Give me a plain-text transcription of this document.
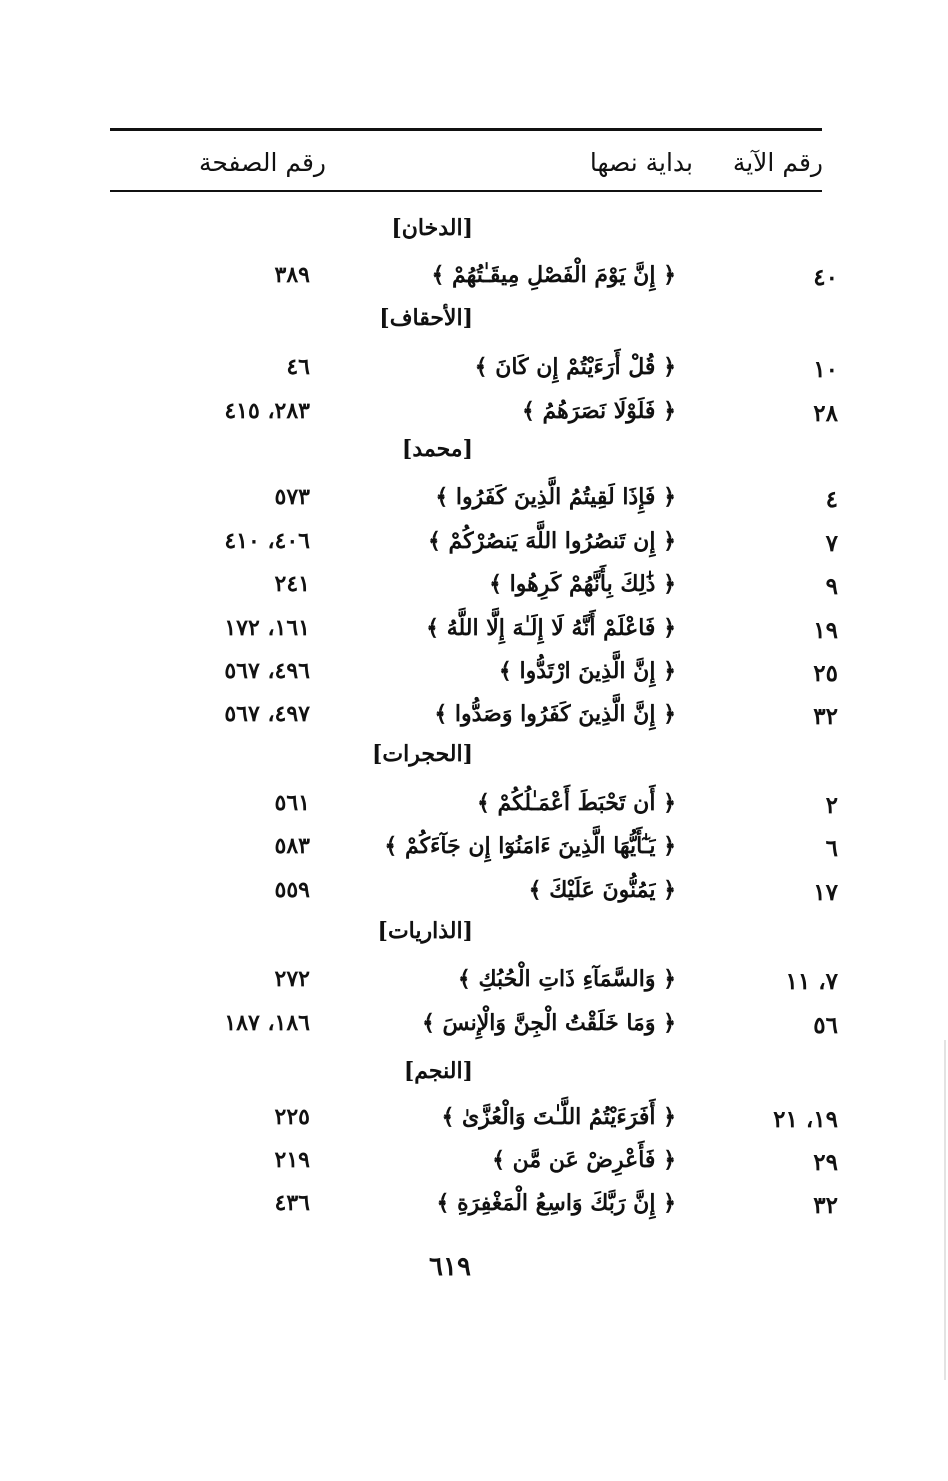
رقم الآية
بداية نصها
رقم الصفحة
[الدخان]
٤٠
﴿ إِنَّ يَوْمَ الْفَصْلِ مِيقَـٰتُهُمْ ﴾
٣٨٩
[الأحقاف]
١٠
﴿ قُلْ أَرَءَيْتُمْ إِن كَانَ ﴾
٤٦
٢٨
﴿ فَلَوْلَا نَصَرَهُمُ ﴾
٢٨٣، ٤١٥
[محمد]
٤
﴿ فَإِذَا لَقِيتُمُ الَّذِينَ كَفَرُوا ﴾
٥٧٣
٧
﴿ إِن تَنصُرُوا اللَّهَ يَنصُرْكُمْ ﴾
٤٠٦، ٤١٠
٩
﴿ ذَٰلِكَ بِأَنَّهُمْ كَرِهُوا ﴾
٢٤١
١٩
﴿ فَاعْلَمْ أَنَّهُ لَا إِلَـٰهَ إِلَّا اللَّهُ ﴾
١٦١، ١٧٢
٢٥
﴿ إِنَّ الَّذِينَ ارْتَدُّوا ﴾
٤٩٦، ٥٦٧
٣٢
﴿ إِنَّ الَّذِينَ كَفَرُوا وَصَدُّوا ﴾
٤٩٧، ٥٦٧
[الحجرات]
٢
﴿ أَن تَحْبَطَ أَعْمَـٰلُكُمْ ﴾
٥٦١
٦
﴿ يَـٰٓأَيُّهَا الَّذِينَ ءَامَنُوٓا إِن جَآءَكُمْ ﴾
٥٨٣
١٧
﴿ يَمُنُّونَ عَلَيْكَ ﴾
٥٥٩
[الذاريات]
٧، ١١
﴿ وَالسَّمَآءِ ذَاتِ الْحُبُكِ ﴾
٢٧٢
٥٦
﴿ وَمَا خَلَقْتُ الْجِنَّ وَالْإِنسَ ﴾
١٨٦، ١٨٧
[النجم]
١٩، ٢١
﴿ أَفَرَءَيْتُمُ اللَّـٰتَ وَالْعُزَّىٰ ﴾
٢٢٥
٢٩
﴿ فَأَعْرِضْ عَن مَّن ﴾
٢١٩
٣٢
﴿ إِنَّ رَبَّكَ وَاسِعُ الْمَغْفِرَةِ ﴾
٤٣٦
٦١٩
